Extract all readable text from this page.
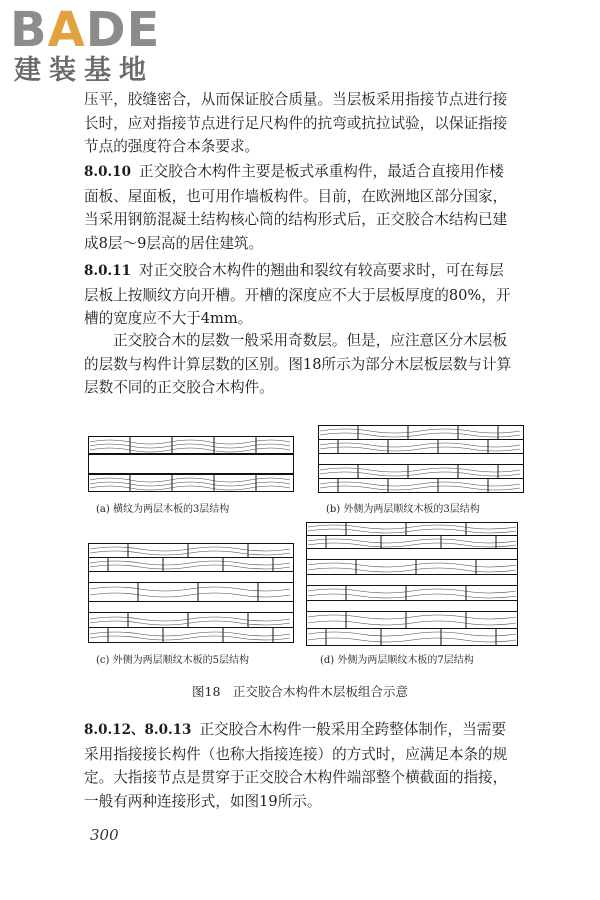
BADE
建装基地

压平，胶缝密合，从而保证胶合质量。当层板采用指接节点进行接长时，应对指接节点进行足尺构件的抗弯或抗拉试验，以保证指接节点的强度符合本条要求。

8.0.10 正交胶合木构件主要是板式承重构件，最适合直接用作楼面板、屋面板，也可用作墙板构件。目前，在欧洲地区部分国家，当采用钢筋混凝土结构核心筒的结构形式后，正交胶合木结构已建成8层～9层高的居住建筑。

8.0.11 对正交胶合木构件的翘曲和裂纹有较高要求时，可在每层层板上按顺纹方向开槽。开槽的深度应不大于层板厚度的80%，开槽的宽度应不大于4mm。

正交胶合木的层数一般采用奇数层。但是，应注意区分木层板的层数与构件计算层数的区别。图18所示为部分木层板层数与计算层数不同的正交胶合木构件。

(a) 横纹为两层木板的3层结构	(b) 外侧为两层顺纹木板的3层结构
(c) 外侧为两层顺纹木板的5层结构	(d) 外侧为两层顺纹木板的7层结构
图18　正交胶合木构件木层板组合示意

8.0.12、8.0.13 正交胶合木构件一般采用全跨整体制作，当需要采用指接接长构件（也称大指接连接）的方式时，应满足本条的规定。大指接节点是贯穿于正交胶合木构件端部整个横截面的指接，一般有两种连接形式，如图19所示。

300
